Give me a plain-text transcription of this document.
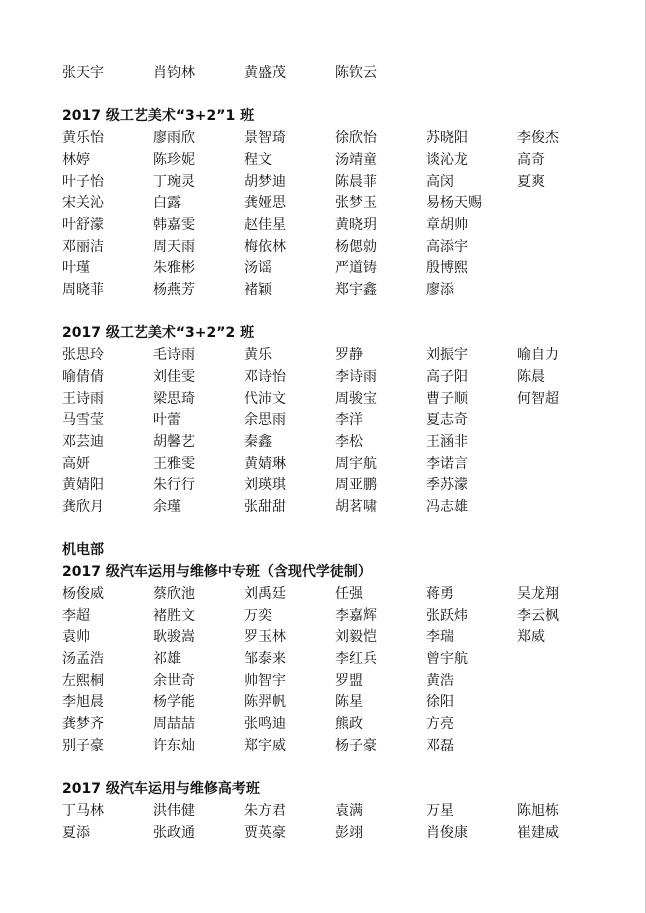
张天宇	肖钧林	黄盛茂	陈钦云
2017 级工艺美术“3+2”1 班
黄乐怡	廖雨欣	景智琦	徐欣怡	苏晓阳	李俊杰
林婷	陈珍妮	程文	汤靖童	谈沁龙	高奇
叶子怡	丁琬灵	胡梦迪	陈晨菲	高闵	夏爽
宋关沁	白露	龚娅思	张梦玉	易杨天赐
叶舒濛	韩嘉雯	赵佳星	黄晓玥	章胡帅
邓丽洁	周天雨	梅依林	杨偲勍	高添宇
叶瑾	朱雅彬	汤谣	严道铸	殷博熙
周晓菲	杨燕芳	褚颖	郑宇鑫	廖添
2017 级工艺美术“3+2”2 班
张思玲	毛诗雨	黄乐	罗静	刘振宇	喻自力
喻倩倩	刘佳雯	邓诗怡	李诗雨	高子阳	陈晨
王诗雨	梁思琦	代沛文	周骏宝	曹子顺	何智超
马雪莹	叶蕾	余思雨	李洋	夏志奇
邓芸迪	胡馨艺	秦鑫	李松	王涵非
高妍	王雅雯	黄婧琳	周宇航	李诺言
黄婧阳	朱行行	刘瑛琪	周亚鹏	季苏濛
龚欣月	余瑾	张甜甜	胡茗啸	冯志雄
机电部
2017 级汽车运用与维修中专班（含现代学徒制）
杨俊威	蔡欣池	刘禹廷	任强	蒋勇	吴龙翔
李超	褚胜文	万奕	李嘉辉	张跃炜	李云枫
袁帅	耿骏嵩	罗玉林	刘毅恺	李瑞	郑威
汤孟浩	祁雄	邹泰来	李红兵	曾宇航
左熙桐	余世奇	帅智宇	罗盟	黄浩
李旭晨	杨学能	陈羿帆	陈星	徐阳
龚梦齐	周喆喆	张鸣迪	熊政	方亮
别子豪	许东灿	郑宇威	杨子豪	邓磊
2017 级汽车运用与维修高考班
丁马林	洪伟健	朱方君	袁满	万星	陈旭栋
夏添	张政通	贾英豪	彭翊	肖俊康	崔建威
